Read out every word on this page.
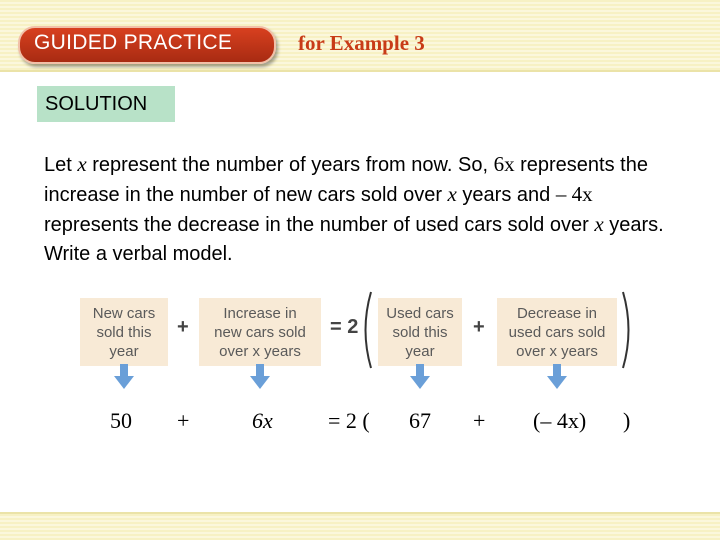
GUIDED PRACTICE	for Example 3
SOLUTION
Let x represent the number of years from now. So, 6x represents the increase in the number of new cars sold over x years and – 4x represents the decrease in the number of used cars sold over x years. Write a verbal model.
New cars
sold this
year
+
Increase in
new cars sold
over x years
= 2
Used cars
sold this
year
+
Decrease in
used cars sold
over x years
50 +	6x	= 2 ( 67 + (– 4x) )
